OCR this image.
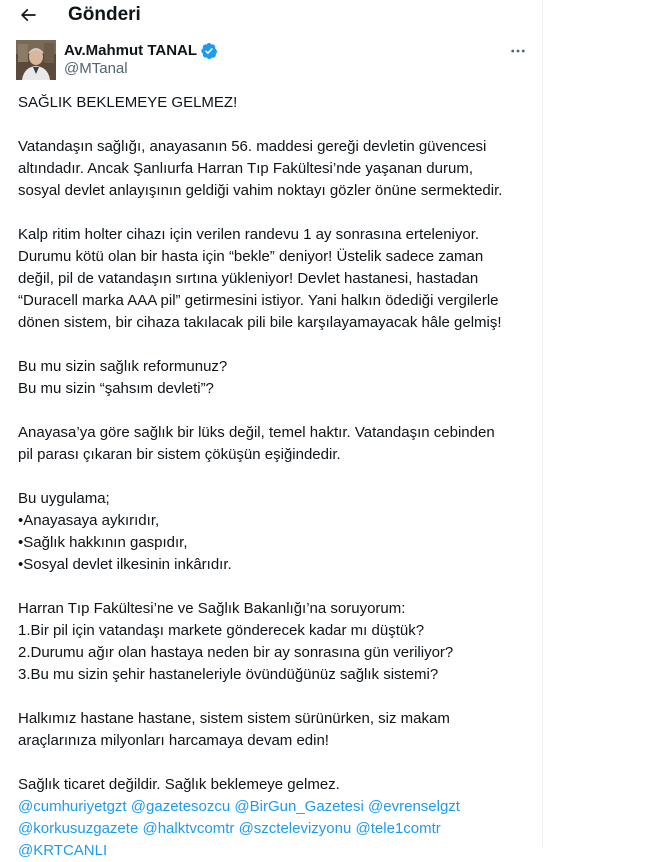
Gönderi
Av.Mahmut TANAL
@MTanal
SAĞLIK BEKLEMEYE GELMEZ!
Vatandaşın sağlığı, anayasanın 56. maddesi gereği devletin güvencesi
altındadır. Ancak Şanlıurfa Harran Tıp Fakültesi’nde yaşanan durum,
sosyal devlet anlayışının geldiği vahim noktayı gözler önüne sermektedir.
Kalp ritim holter cihazı için verilen randevu 1 ay sonrasına erteleniyor.
Durumu kötü olan bir hasta için “bekle” deniyor! Üstelik sadece zaman
değil, pil de vatandaşın sırtına yükleniyor! Devlet hastanesi, hastadan
“Duracell marka AAA pil” getirmesini istiyor. Yani halkın ödediği vergilerle
dönen sistem, bir cihaza takılacak pili bile karşılayamayacak hâle gelmiş!
Bu mu sizin sağlık reformunuz?
Bu mu sizin “şahsım devleti”?
Anayasa’ya göre sağlık bir lüks değil, temel haktır. Vatandaşın cebinden
pil parası çıkaran bir sistem çöküşün eşiğindedir.
Bu uygulama;
•Anayasaya aykırıdır,
•Sağlık hakkının gaspıdır,
•Sosyal devlet ilkesinin inkârıdır.
Harran Tıp Fakültesi’ne ve Sağlık Bakanlığı’na soruyorum:
1.Bir pil için vatandaşı markete gönderecek kadar mı düştük?
2.Durumu ağır olan hastaya neden bir ay sonrasına gün veriliyor?
3.Bu mu sizin şehir hastaneleriyle övündüğünüz sağlık sistemi?
Halkımız hastane hastane, sistem sistem sürünürken, siz makam
araçlarınıza milyonları harcamaya devam edin!
Sağlık ticaret değildir. Sağlık beklemeye gelmez.
@cumhuriyetgzt @gazetesozcu @BirGun_Gazetesi @evrenselgzt
@korkusuzgazete @halktvcomtr @szctelevizyonu @tele1comtr
@KRTCANLI
